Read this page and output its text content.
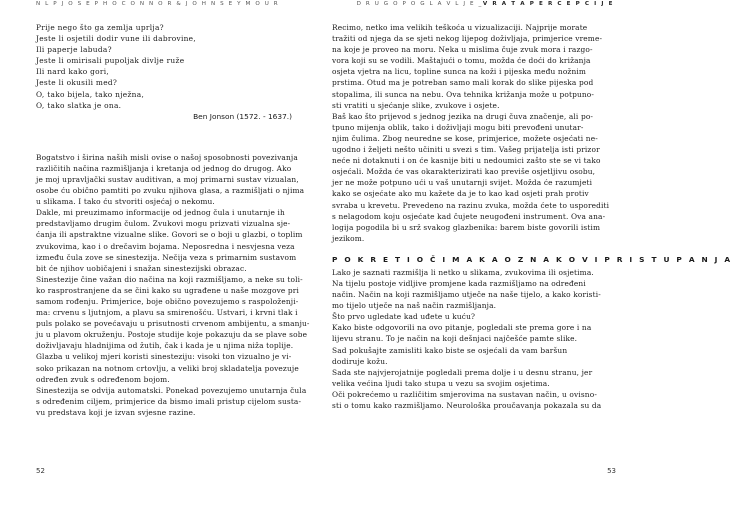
N L P J O S E P H O C O N N O R & J O H N S E Y M O U R	D R U G O P O G L A V L J E _V R A T A P E R C E P C I J E
Prije nego što ga zemlja uprlja?
Jeste li osjetili dodir vune ili dabrovine,
Ili paperje labuda?
Jeste li omirisali pupoljak divlje ruže
Ili nard kako gori,
Jeste li okusili med?
O, tako bijela, tako nježna,
O, tako slatka je ona.
Ben Jonson (1572. - 1637.)
Bogatstvo i širina naših misli ovise o našoj sposobnosti povezivanja
različitih načina razmišljanja i kretanja od jednog do drugog. Ako
je moj upravljački sustav auditivan, a moj primarni sustav vizualan,
osobe ću obično pamtiti po zvuku njihova glasa, a razmišljati o njima
u slikama. I tako ću stvoriti osjećaj o nekomu.
Dakle, mi preuzimamo informacije od jednog čula i unutarnje ih
predstavljamo drugim čulom. Zvukovi mogu prizvati vizualna sje-
ćanja ili apstraktne vizualne slike. Govori se o boji u glazbi, o toplim
zvukovima, kao i o drečavim bojama. Neposredna i nesvjesna veza
između čula zove se sinestezija. Nečija veza s primarnim sustavom
bit će njihov uobičajeni i snažan sinestezijski obrazac.
Sinestezije čine važan dio načina na koji razmišljamo, a neke su toli-
ko rasprostranjene da se čini kako su ugrađene u naše mozgove pri
samom rođenju. Primjerice, boje obično povezujemo s raspoloženji-
ma: crvenu s ljutnjom, a plavu sa smirenošću. Ustvari, i krvni tlak i
puls polako se povećavaju u prisutnosti crvenom ambijentu, a smanju-
ju u plavom okruženju. Postoje studije koje pokazuju da se plave sobe
doživljavaju hladnijima od žutih, čak i kada je u njima niža toplije.
Glazba u velikoj mjeri koristi sinesteziju: visoki ton vizualno je vi-
soko prikazan na notnom crtovlju, a veliki broj skladatelja povezuje
određen zvuk s određenom bojom.
Sinestezija se odvija automatski. Ponekad povezujemo unutarnja čula
s određenim ciljem, primjerice da bismo imali pristup cijelom susta-
vu predstava koji je izvan svjesne razine.
Recimo, netko ima velikih teškoća u vizualizaciji. Najprije morate
tražiti od njega da se sjeti nekog lijepog doživljaja, primjerice vreme-
na koje je proveo na moru. Neka u mislima čuje zvuk mora i razgo-
vora koji su se vodili. Maštajući o tomu, možda će doći do križanja
osjeta vjetra na licu, topline sunca na koži i pijeska među nožnim
prstima. Otud ma je potreban samo mali korak do slike pijeska pod
stopalima, ili sunca na nebu. Ova tehnika križanja može u potpuno-
sti vratiti u sjećanje slike, zvukove i osjete.
Baš kao što prijevod s jednog jezika na drugi čuva značenje, ali po-
tpuno mijenja oblik, tako i doživljaji mogu biti prevođeni unutar-
njim čulima. Zbog neuredne se kose, primjerice, možete osjećati ne-
ugodno i željeti nešto učiniti u svezi s tim. Vašeg prijatelja isti prizor
neće ni dotaknuti i on će kasnije biti u nedoumici zašto ste se vi tako
osjećali. Možda će vas okarakterizirati kao previše osjetljivu osobu,
jer ne može potpuno ući u vaš unutarnji svijet. Možda će razumjeti
kako se osjećate ako mu kažete da je to kao kad osjeti prah protiv
svraba u krevetu. Prevedeno na razinu zvuka, možda ćete to usporediti
s nelagodom koju osjećate kad čujete neugođeni instrument. Ova ana-
logija pogodila bi u srž svakog glazbenika: barem biste govorili istim
jezikom.
P O K R E T I O Č I M A K A O Z N A K O V I P R I S T U P A N J A
Lako je saznati razmišlja li netko u slikama, zvukovima ili osjetima.
Na tijelu postoje vidljive promjene kada razmišljamo na određeni
način. Način na koji razmišljamo utječe na naše tijelo, a kako koristi-
mo tijelo utječe na naš način razmišljanja.
Što prvo ugledate kad uđete u kuću?
Kako biste odgovorili na ovo pitanje, pogledali ste prema gore i na
lijevu stranu. To je način na koji dešnjaci najčešće pamte slike.
Sad pokušajte zamisliti kako biste se osjećali da vam baršun
dodiruje kožu.
Sada ste najvjerojatnije pogledali prema dolje i u desnu stranu, jer
velika većina ljudi tako stupa u vezu sa svojim osjetima.
Oči pokrećemo u različitim smjerovima na sustavan način, u ovisno-
sti o tomu kako razmišljamo. Neurološka proučavanja pokazala su da
52	53
